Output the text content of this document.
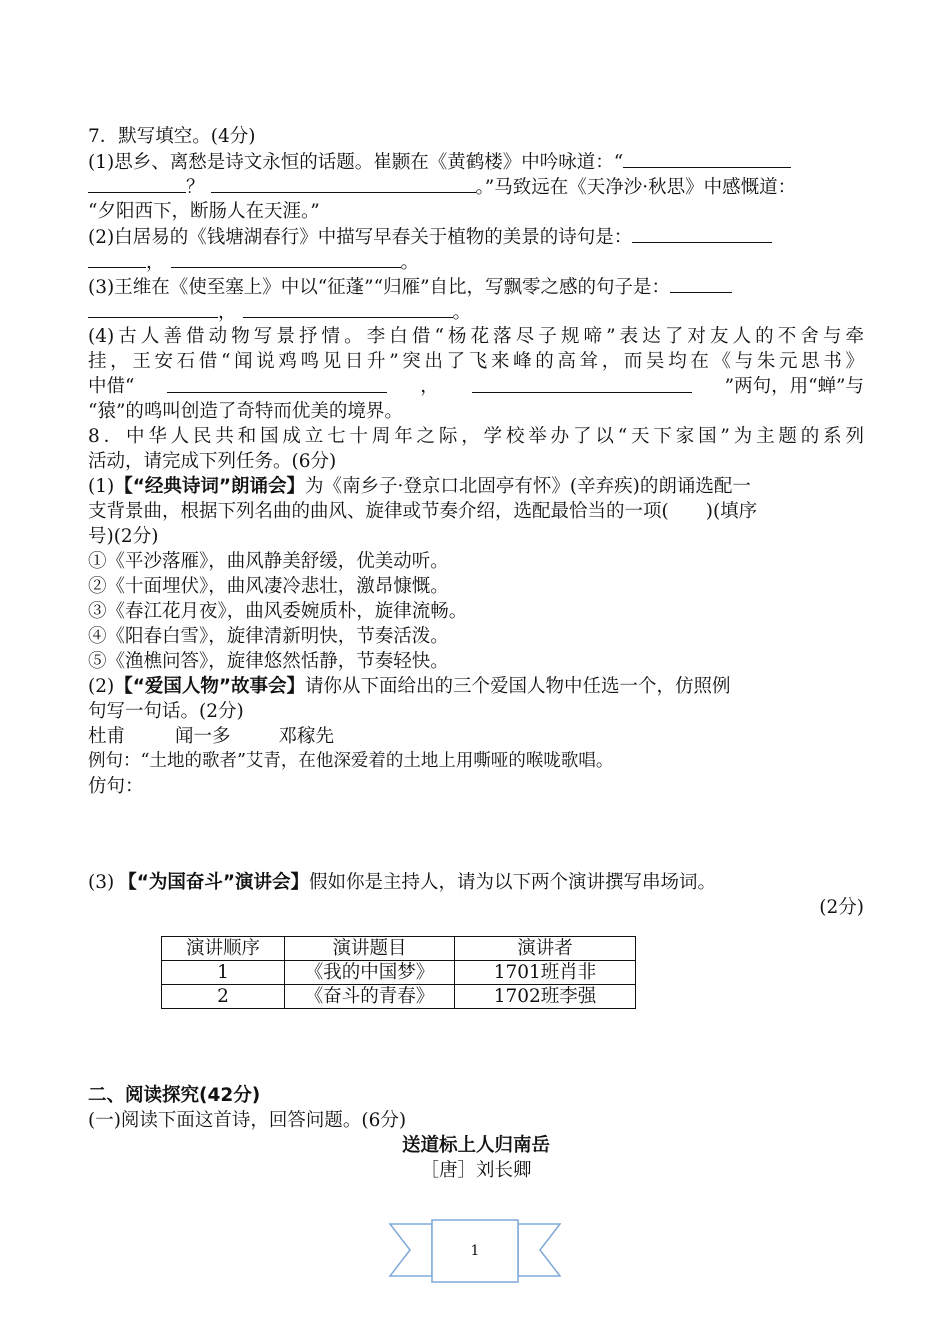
7．默写填空。(4分)
(1)思乡、离愁是诗文永恒的话题。崔颢在《黄鹤楼》中吟咏道：“
？	。”马致远在《天净沙·秋思》中感慨道：
“夕阳西下，断肠人在天涯。”
(2)白居易的《钱塘湖春行》中描写早春关于植物的美景的诗句是：
，	。
(3)王维在《使至塞上》中以“征蓬”“归雁”自比，写飘零之感的句子是：
，	。
(4)古人善借动物写景抒情。李白借“杨花落尽子规啼”表达了对友人的不舍与牵
挂，王安石借“闻说鸡鸣见日升”突出了飞来峰的高耸，而吴均在《与朱元思书》
中借“	，	”两句，用“蝉”与
“猿”的鸣叫创造了奇特而优美的境界。
8．中华人民共和国成立七十周年之际，学校举办了以“天下家国”为主题的系列
活动，请完成下列任务。(6分)
(1)【“经典诗词”朗诵会】为《南乡子·登京口北固亭有怀》(辛弃疾)的朗诵选配一
支背景曲，根据下列名曲的曲风、旋律或节奏介绍，选配最恰当的一项(　　)(填序
号)(2分)
①《平沙落雁》，曲风静美舒缓，优美动听。
②《十面埋伏》，曲风凄冷悲壮，激昂慷慨。
③《春江花月夜》，曲风委婉质朴，旋律流畅。
④《阳春白雪》，旋律清新明快，节奏活泼。
⑤《渔樵问答》，旋律悠然恬静，节奏轻快。
(2)【“爱国人物”故事会】请你从下面给出的三个爱国人物中任选一个，仿照例
句写一句话。(2分)
杜甫	闻一多	邓稼先
例句：“土地的歌者”艾青，在他深爱着的土地上用嘶哑的喉咙歌唱。
仿句：
(3) 【“为国奋斗”演讲会】假如你是主持人，请为以下两个演讲撰写串场词。
(2分)
演讲顺序	演讲题目	演讲者
1	《我的中国梦》	1701班肖非
2	《奋斗的青春》	1702班李强
二、阅读探究(42分)
(一)阅读下面这首诗，回答问题。(6分)
送道标上人归南岳
［唐］刘长卿
1
